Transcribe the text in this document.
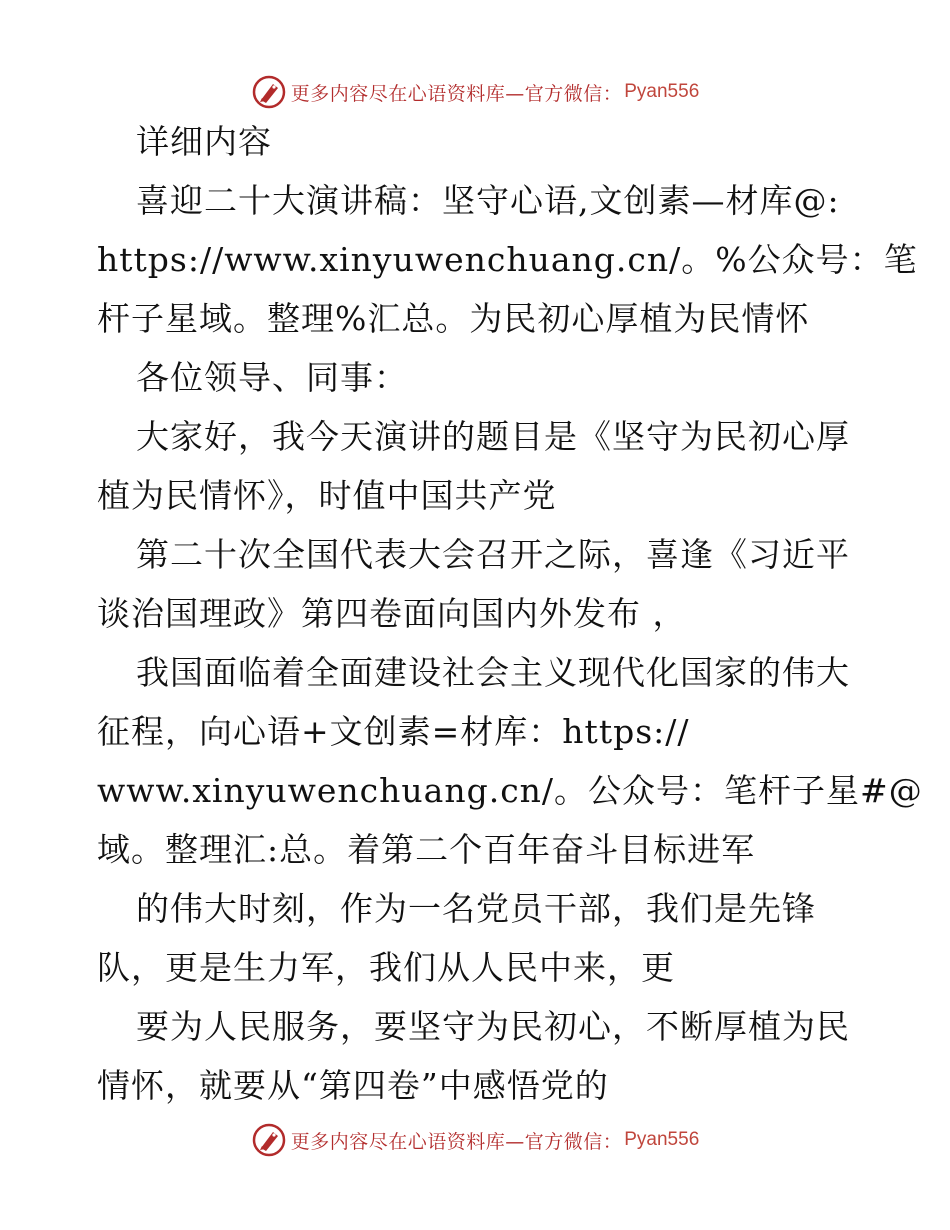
更多内容尽在心语资料库—官方微信： Pyan556
详细内容
喜迎二十大演讲稿：坚守心语,文创素—材库@:
https://www.xinyuwenchuang.cn/。%公众号：笔
杆子星域。整理%汇总。为民初心厚植为民情怀
各位领导、同事：
大家好，我今天演讲的题目是《坚守为民初心厚
植为民情怀》，时值中国共产党
第二十次全国代表大会召开之际，喜逢《习近平
谈治国理政》第四卷面向国内外发布 ，
我国面临着全面建设社会主义现代化国家的伟大
征程，向心语+文创素=材库：https://
www.xinyuwenchuang.cn/。公众号：笔杆子星#@
域。整理汇:总。着第二个百年奋斗目标进军
的伟大时刻，作为一名党员干部，我们是先锋
队，更是生力军，我们从人民中来，更
要为人民服务，要坚守为民初心，不断厚植为民
情怀，就要从“第四卷”中感悟党的
更多内容尽在心语资料库—官方微信： Pyan556
